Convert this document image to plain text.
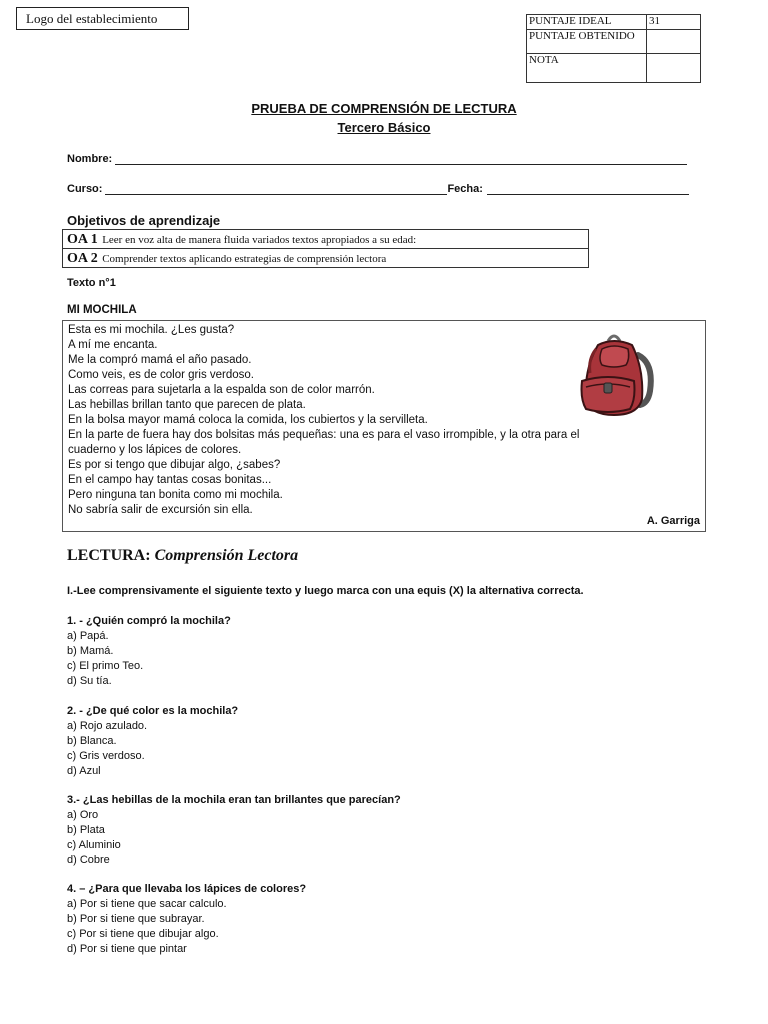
Logo del establecimiento	PUNTAJE IDEAL	31
PUNTAJE OBTENIDO	
NOTA	
PRUEBA DE COMPRENSIÓN DE LECTURA
Tercero Básico
Nombre:
Curso:	Fecha:
Objetivos de aprendizaje
OA 1 Leer en voz alta de manera fluida variados textos apropiados a su edad:
OA 2 Comprender textos aplicando estrategias de comprensión lectora
Texto n°1
MI MOCHILA
Esta es mi mochila. ¿Les gusta?
A mí me encanta.
Me la compró mamá el año pasado.
Como veis, es de color gris verdoso.
Las correas para sujetarla a la espalda son de color marrón.
Las hebillas brillan tanto que parecen de plata.
En la bolsa mayor mamá coloca la comida, los cubiertos y la servilleta.
En la parte de fuera hay dos bolsitas más pequeñas: una es para el vaso irrompible, y la otra para el
cuaderno y los lápices de colores.
Es por si tengo que dibujar algo, ¿sabes?
En el campo hay tantas cosas bonitas...
Pero ninguna tan bonita como mi mochila.
No sabría salir de excursión sin ella.
A. Garriga
LECTURA: Comprensión Lectora
I.-Lee comprensivamente el siguiente texto y luego marca con una equis (X) la alternativa correcta.
1. - ¿Quién compró la mochila?
a) Papá.
b) Mamá.
c) El primo Teo.
d) Su tía.
2. - ¿De qué color es la mochila?
a) Rojo azulado.
b) Blanca.
c) Gris verdoso.
d) Azul
3.- ¿Las hebillas de la mochila eran tan brillantes que parecían?
a) Oro
b) Plata
c) Aluminio
d) Cobre
4. – ¿Para que llevaba los lápices de colores?
a) Por si tiene que sacar calculo.
b) Por si tiene que subrayar.
c) Por si tiene que dibujar algo.
d) Por si tiene que pintar
